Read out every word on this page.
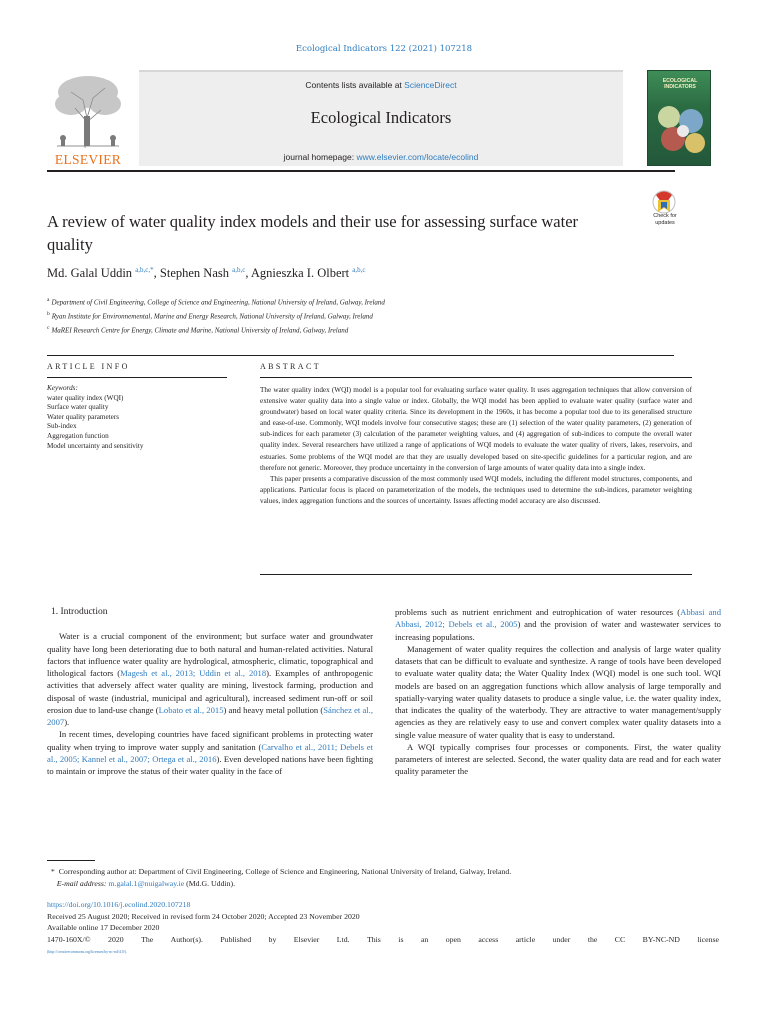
Ecological Indicators 122 (2021) 107218
ELSEVIER
Contents lists available at ScienceDirect
Ecological Indicators
journal homepage: www.elsevier.com/locate/ecolind
ECOLOGICAL INDICATORS
A review of water quality index models and their use for assessing surface water quality
Check for updates
Md. Galal Uddin $^{a,b,c,*}$, Stephen Nash $^{a,b,c}$, Agnieszka I. Olbert $^{a,b,c}$
$^a$ Department of Civil Engineering, College of Science and Engineering, National University of Ireland, Galway, Ireland
$^b$ Ryan Institute for Environnemental, Marine and Energy Research, National University of Ireland, Galway, Ireland
$^c$ MaREI Research Centre for Energy, Climate and Marine, National University of Ireland, Galway, Ireland
ARTICLE INFO	ABSTRACT
Keywords:
water quality index (WQI)
Surface water quality
Water quality parameters
Sub-index
Aggregation function
Model uncertainty and sensitivity

The water quality index (WQI) model is a popular tool for evaluating surface water quality. It uses aggregation techniques that allow conversion of extensive water quality data into a single value or index. Globally, the WQI model has been applied to evaluate water quality (surface water and groundwater) based on local water quality criteria. Since its development in the 1960s, it has become a popular tool due to its generalised structure and ease-of-use. Commonly, WQI models involve four consecutive stages; these are (1) selection of the water quality parameters, (2) generation of sub-indices for each parameter (3) calculation of the parameter weighting values, and (4) aggregation of sub-indices to compute the overall water quality index. Several researchers have utilized a range of applications of WQI models to evaluate the water quality of rivers, lakes, reservoirs, and estuaries. Some problems of the WQI model are that they are usually developed based on site-specific guidelines for a particular region, and are therefore not generic. Moreover, they produce uncertainty in the conversion of large amounts of water quality data into a single index.

This paper presents a comparative discussion of the most commonly used WQI models, including the different model structures, components, and applications. Particular focus is placed on parameterization of the models, the techniques used to determine the sub-indices, parameter weighting values, index aggregation functions and the sources of uncertainty. Issues affecting model accuracy are also discussed.

1. Introduction

Water is a crucial component of the environment; but surface water and groundwater quality have long been deteriorating due to both natural and human-related activities. Natural factors that influence water quality are hydrological, atmospheric, climatic, topographical and lithological factors (Magesh et al., 2013; Uddin et al., 2018). Examples of anthropogenic activities that adversely affect water quality are mining, livestock farming, production and disposal of waste (industrial, municipal and agricultural), increased sediment run-off or soil erosion due to land-use change (Lobato et al., 2015) and heavy metal pollution (Sánchez et al., 2007).

In recent times, developing countries have faced significant problems in protecting water quality when trying to improve water supply and sanitation (Carvalho et al., 2011; Debels et al., 2005; Kannel et al., 2007; Ortega et al., 2016). Even developed nations have been fighting to maintain or improve the status of their water quality in the face of

problems such as nutrient enrichment and eutrophication of water resources (Abbasi and Abbasi, 2012; Debels et al., 2005) and the provision of water and wastewater services to increasing populations.

Management of water quality requires the collection and analysis of large water quality datasets that can be difficult to evaluate and synthesize. A range of tools have been developed to evaluate water quality data; the Water Quality Index (WQI) model is one such tool. WQI models are based on an aggregation functions which allow analysis of large temporally and spatially-varying water quality datasets to produce a single value, i.e. the water quality index, that indicates the quality of the waterbody. They are attractive to water management/supply agencies as they are relatively easy to use and convert complex water quality datasets into a single value measure of water quality that is easy to understand.

A WQI typically comprises four processes or components. First, the water quality parameters of interest are selected. Second, the water quality data are read and for each water quality parameter the

* Corresponding author at: Department of Civil Engineering, College of Science and Engineering, National University of Ireland, Galway, Ireland.
E-mail address: m.galal.1@nuigalway.ie (Md.G. Uddin).
https://doi.org/10.1016/j.ecolind.2020.107218
Received 25 August 2020; Received in revised form 24 October 2020; Accepted 23 November 2020
Available online 17 December 2020
1470-160X/© 2020 The Author(s). Published by Elsevier Ltd. This is an open access article under the CC BY-NC-ND license
(http://creativecommons.org/licenses/by-nc-nd/4.0/).
